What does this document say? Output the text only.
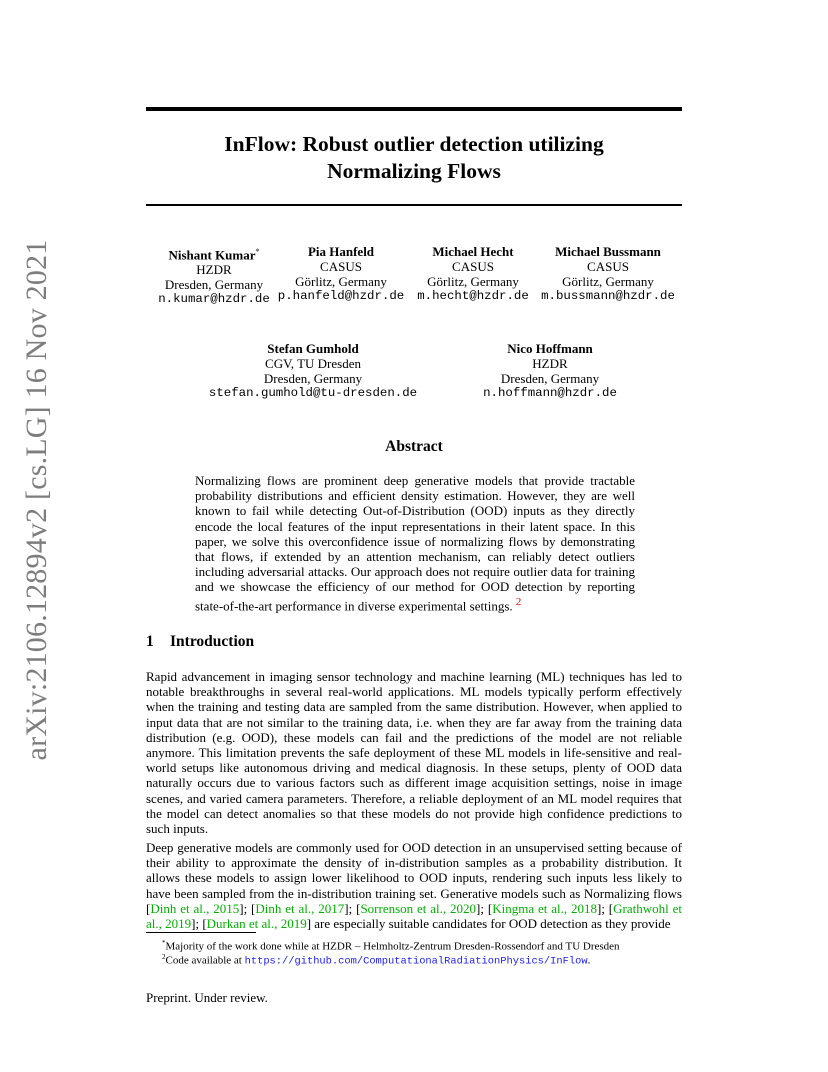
arXiv:2106.12894v2 [cs.LG] 16 Nov 2021
InFlow: Robust outlier detection utilizing
Normalizing Flows
Nishant Kumar*
HZDR
Dresden, Germany
n.kumar@hzdr.de
Pia Hanfeld
CASUS
Görlitz, Germany
p.hanfeld@hzdr.de
Michael Hecht
CASUS
Görlitz, Germany
m.hecht@hzdr.de
Michael Bussmann
CASUS
Görlitz, Germany
m.bussmann@hzdr.de
Stefan Gumhold
CGV, TU Dresden
Dresden, Germany
stefan.gumhold@tu-dresden.de
Nico Hoffmann
HZDR
Dresden, Germany
n.hoffmann@hzdr.de
Abstract
Normalizing flows are prominent deep generative models that provide tractable probability distributions and efficient density estimation. However, they are well known to fail while detecting Out-of-Distribution (OOD) inputs as they directly encode the local features of the input representations in their latent space. In this paper, we solve this overconfidence issue of normalizing flows by demonstrating that flows, if extended by an attention mechanism, can reliably detect outliers including adversarial attacks. Our approach does not require outlier data for training and we showcase the efficiency of our method for OOD detection by reporting state-of-the-art performance in diverse experimental settings. $^2$
1 Introduction
Rapid advancement in imaging sensor technology and machine learning (ML) techniques has led to notable breakthroughs in several real-world applications. ML models typically perform effectively when the training and testing data are sampled from the same distribution. However, when applied to input data that are not similar to the training data, i.e. when they are far away from the training data distribution (e.g. OOD), these models can fail and the predictions of the model are not reliable anymore. This limitation prevents the safe deployment of these ML models in life-sensitive and real-world setups like autonomous driving and medical diagnosis. In these setups, plenty of OOD data naturally occurs due to various factors such as different image acquisition settings, noise in image scenes, and varied camera parameters. Therefore, a reliable deployment of an ML model requires that the model can detect anomalies so that these models do not provide high confidence predictions to such inputs.
Deep generative models are commonly used for OOD detection in an unsupervised setting because of their ability to approximate the density of in-distribution samples as a probability distribution. It allows these models to assign lower likelihood to OOD inputs, rendering such inputs less likely to have been sampled from the in-distribution training set. Generative models such as Normalizing flows [Dinh et al., 2015]; [Dinh et al., 2017]; [Sorrenson et al., 2020]; [Kingma et al., 2018]; [Grathwohl et al., 2019]; [Durkan et al., 2019] are especially suitable candidates for OOD detection as they provide
*Majority of the work done while at HZDR – Helmholtz-Zentrum Dresden-Rossendorf and TU Dresden
$^2$Code available at https://github.com/ComputationalRadiationPhysics/InFlow.
Preprint. Under review.
